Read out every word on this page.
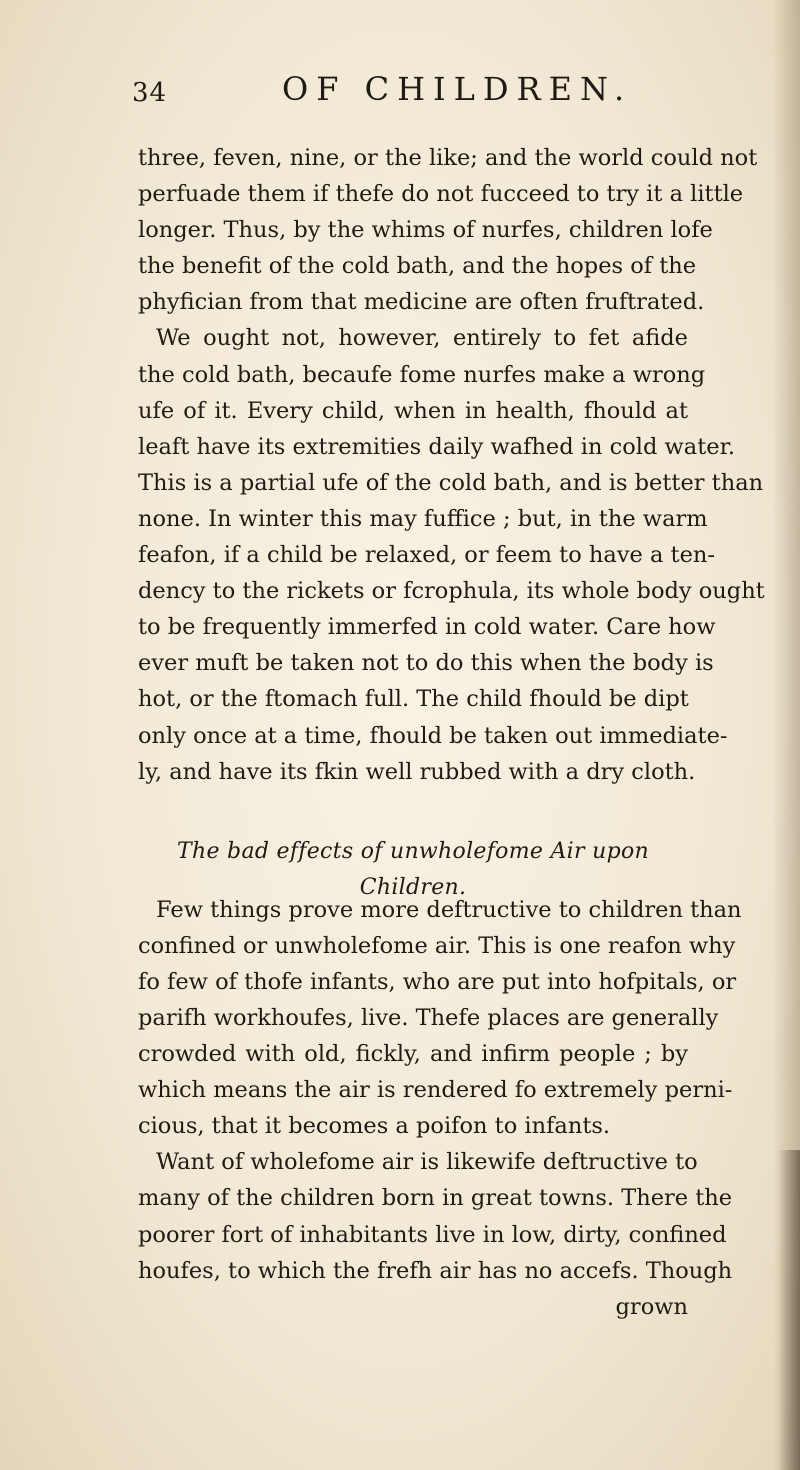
34	OF CHILDREN.
three, feven, nine, or the like; and the world could not
perfuade them if thefe do not fucceed to try it a little
longer. Thus, by the whims of nurfes, children lofe
the benefit of the cold bath, and the hopes of the
phyfician from that medicine are often fruftrated.
We ought not, however, entirely to fet afide
the cold bath, becaufe fome nurfes make a wrong
ufe of it. Every child, when in health, fhould at
leaft have its extremities daily wafhed in cold water.
This is a partial ufe of the cold bath, and is better than
none. In winter this may fuffice ; but, in the warm
feafon, if a child be relaxed, or feem to have a ten-
dency to the rickets or fcrophula, its whole body ought
to be frequently immerfed in cold water. Care how
ever muft be taken not to do this when the body is
hot, or the ftomach full. The child fhould be dipt
only once at a time, fhould be taken out immediate-
ly, and have its fkin well rubbed with a dry cloth.
The bad effects of unwholefome Air upon Children.
Few things prove more deftructive to children than
confined or unwholefome air. This is one reafon why
fo few of thofe infants, who are put into hofpitals, or
parifh workhoufes, live. Thefe places are generally
crowded with old, fickly, and infirm people ; by
which means the air is rendered fo extremely perni-
cious, that it becomes a poifon to infants.
Want of wholefome air is likewife deftructive to
many of the children born in great towns. There the
poorer fort of inhabitants live in low, dirty, confined
houfes, to which the frefh air has no accefs. Though
grown
